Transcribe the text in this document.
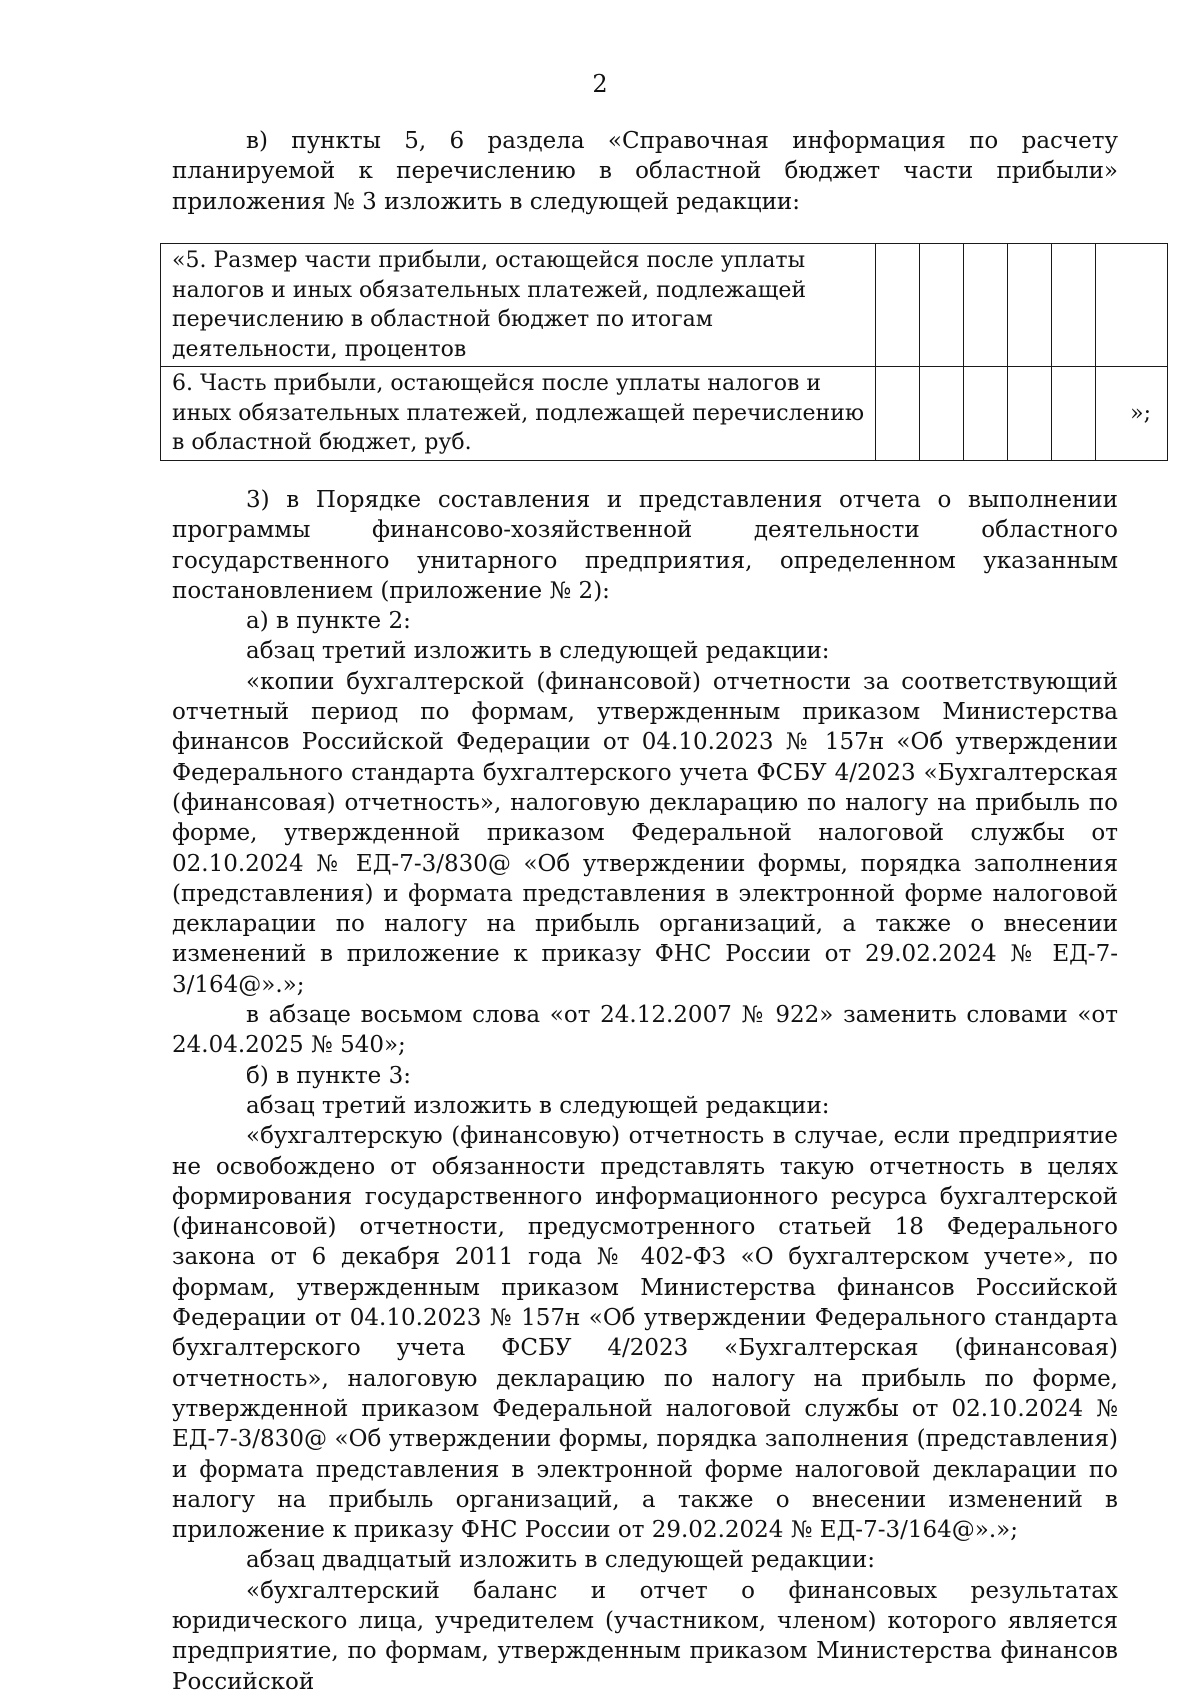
2

в) пункты 5, 6 раздела «Справочная информация по расчету планируемой к перечислению в областной бюджет части прибыли» приложения № 3 изложить в следующей редакции:

«5. Размер части прибыли, остающейся после уплаты налогов и иных обязательных платежей, подлежащей перечислению в областной бюджет по итогам деятельности, процентов						
6. Часть прибыли, остающейся после уплаты налогов и иных обязательных платежей, подлежащей перечислению в областной бюджет, руб.						»;

3) в Порядке составления и представления отчета о выполнении программы финансово-хозяйственной деятельности областного государственного унитарного предприятия, определенном указанным постановлением (приложение № 2):

а) в пункте 2:

абзац третий изложить в следующей редакции:

«копии бухгалтерской (финансовой) отчетности за соответствующий отчетный период по формам, утвержденным приказом Министерства финансов Российской Федерации от 04.10.2023 № 157н «Об утверждении Федерального стандарта бухгалтерского учета ФСБУ 4/2023 «Бухгалтерская (финансовая) отчетность», налоговую декларацию по налогу на прибыль по форме, утвержденной приказом Федеральной налоговой службы от 02.10.2024 № ЕД-7-3/830@ «Об утверждении формы, порядка заполнения (представления) и формата представления в электронной форме налоговой декларации по налогу на прибыль организаций, а также о внесении изменений в приложение к приказу ФНС России от 29.02.2024 № ЕД-7-3/164@».»;

в абзаце восьмом слова «от 24.12.2007 № 922» заменить словами «от 24.04.2025 № 540»;

б) в пункте 3:

абзац третий изложить в следующей редакции:

«бухгалтерскую (финансовую) отчетность в случае, если предприятие не освобождено от обязанности представлять такую отчетность в целях формирования государственного информационного ресурса бухгалтерской (финансовой) отчетности, предусмотренного статьей 18 Федерального закона от 6 декабря 2011 года № 402-ФЗ «О бухгалтерском учете», по формам, утвержденным приказом Министерства финансов Российской Федерации от 04.10.2023 № 157н «Об утверждении Федерального стандарта бухгалтерского учета ФСБУ 4/2023 «Бухгалтерская (финансовая) отчетность», налоговую декларацию по налогу на прибыль по форме, утвержденной приказом Федеральной налоговой службы от 02.10.2024 № ЕД-7-3/830@ «Об утверждении формы, порядка заполнения (представления) и формата представления в электронной форме налоговой декларации по налогу на прибыль организаций, а также о внесении изменений в приложение к приказу ФНС России от 29.02.2024 № ЕД-7-3/164@».»;

абзац двадцатый изложить в следующей редакции:

«бухгалтерский баланс и отчет о финансовых результатах юридического лица, учредителем (участником, членом) которого является предприятие, по формам, утвержденным приказом Министерства финансов Российской
